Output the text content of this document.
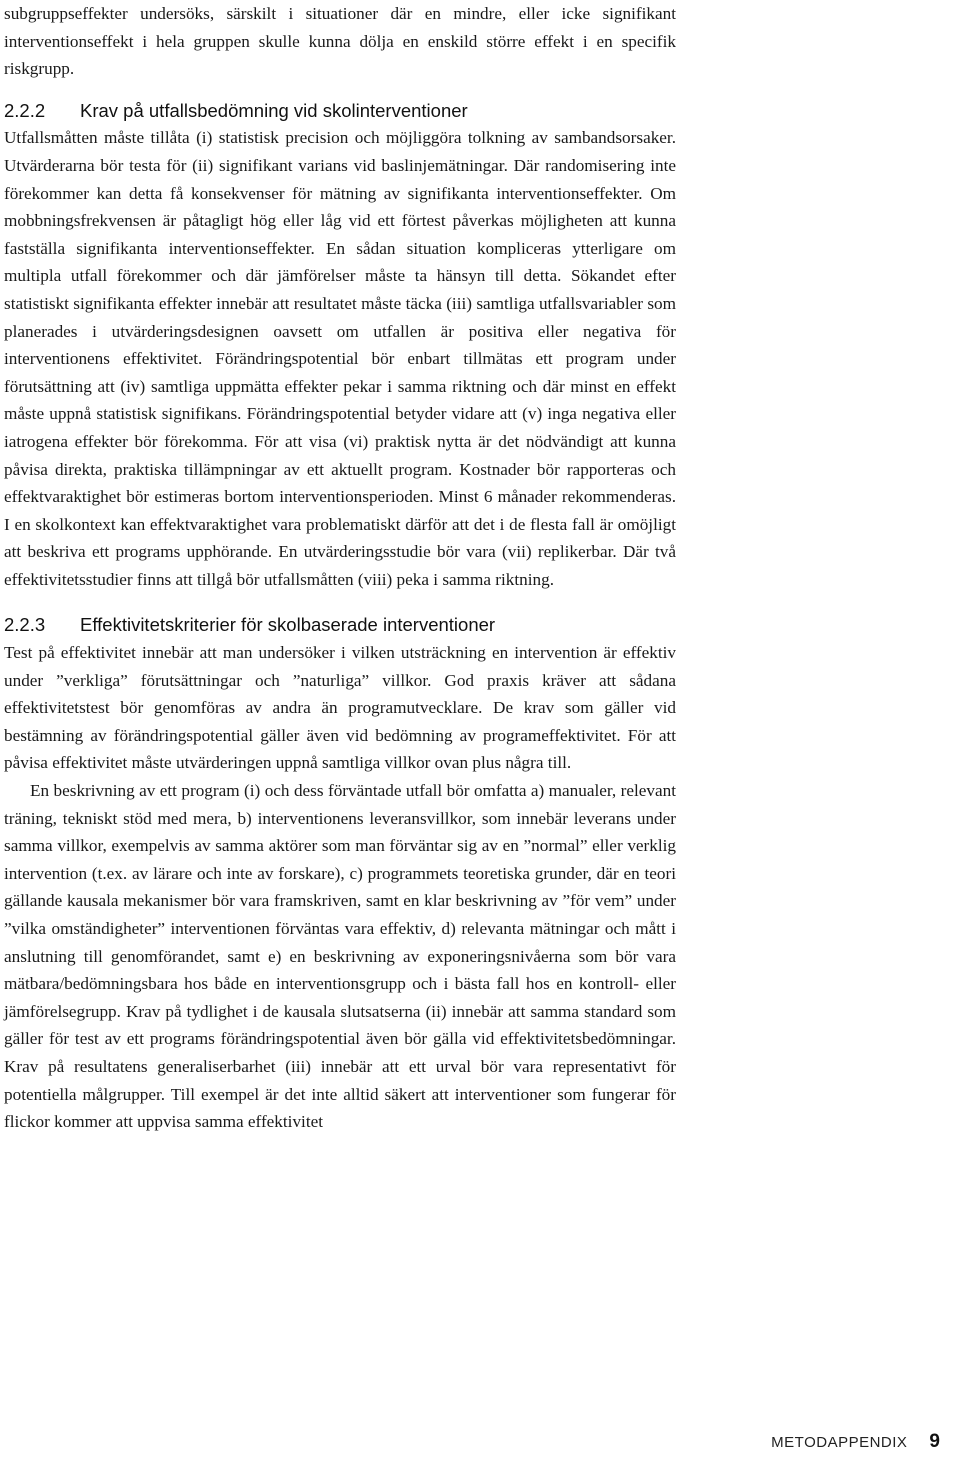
subgruppseffekter undersöks, särskilt i situationer där en mindre, eller icke signifikant interventionseffekt i hela gruppen skulle kunna dölja en enskild större effekt i en specifik riskgrupp.

2.2.2 Krav på utfallsbedömning vid skolinterventioner

Utfallsmåtten måste tillåta (i) statistisk precision och möjliggöra tolkning av sambandsorsaker. Utvärderarna bör testa för (ii) signifikant varians vid baslinjemätningar. Där randomisering inte förekommer kan detta få konsekvenser för mätning av signifikanta interventionseffekter. Om mobbningsfrekvensen är påtagligt hög eller låg vid ett förtest påverkas möjligheten att kunna fastställa signifikanta interventionseffekter. En sådan situation kompliceras ytterligare om multipla utfall förekommer och där jämförelser måste ta hänsyn till detta. Sökandet efter statistiskt signifikanta effekter innebär att resultatet måste täcka (iii) samtliga utfallsvariabler som planerades i utvärderingsdesignen oavsett om utfallen är positiva eller negativa för interventionens effektivitet. Förändringspotential bör enbart tillmätas ett program under förutsättning att (iv) samtliga uppmätta effekter pekar i samma riktning och där minst en effekt måste uppnå statistisk signifikans. Förändringspotential betyder vidare att (v) inga negativa eller iatrogena effekter bör förekomma. För att visa (vi) praktisk nytta är det nödvändigt att kunna påvisa direkta, praktiska tillämpningar av ett aktuellt program. Kostnader bör rapporteras och effektvaraktighet bör estimeras bortom interventionsperioden. Minst 6 månader rekommenderas. I en skolkontext kan effektvaraktighet vara problematiskt därför att det i de flesta fall är omöjligt att beskriva ett programs upphörande. En utvärderingsstudie bör vara (vii) replikerbar. Där två effektivitetsstudier finns att tillgå bör utfallsmåtten (viii) peka i samma riktning.

2.2.3 Effektivitetskriterier för skolbaserade interventioner

Test på effektivitet innebär att man undersöker i vilken utsträckning en intervention är effektiv under ”verkliga” förutsättningar och ”naturliga” villkor. God praxis kräver att sådana effektivitetstest bör genomföras av andra än programutvecklare. De krav som gäller vid bestämning av förändringspotential gäller även vid bedömning av programeffektivitet. För att påvisa effektivitet måste utvärderingen uppnå samtliga villkor ovan plus några till.

En beskrivning av ett program (i) och dess förväntade utfall bör omfatta a) manualer, relevant träning, tekniskt stöd med mera, b) interventionens leveransvillkor, som innebär leverans under samma villkor, exempelvis av samma aktörer som man förväntar sig av en ”normal” eller verklig intervention (t.ex. av lärare och inte av forskare), c) programmets teoretiska grunder, där en teori gällande kausala mekanismer bör vara framskriven, samt en klar beskrivning av ”för vem” under ”vilka omständigheter” interventionen förväntas vara effektiv, d) relevanta mätningar och mått i anslutning till genomförandet, samt e) en beskrivning av exponeringsnivåerna som bör vara mätbara/bedömningsbara hos både en interventionsgrupp och i bästa fall hos en kontroll- eller jämförelsegrupp. Krav på tydlighet i de kausala slutsatserna (ii) innebär att samma standard som gäller för test av ett programs förändringspotential även bör gälla vid effektivitetsbedömningar. Krav på resultatens generaliserbarhet (iii) innebär att ett urval bör vara representativt för potentiella målgrupper. Till exempel är det inte alltid säkert att interventioner som fungerar för flickor kommer att uppvisa samma effektivitet

METODAPPENDIX 9
